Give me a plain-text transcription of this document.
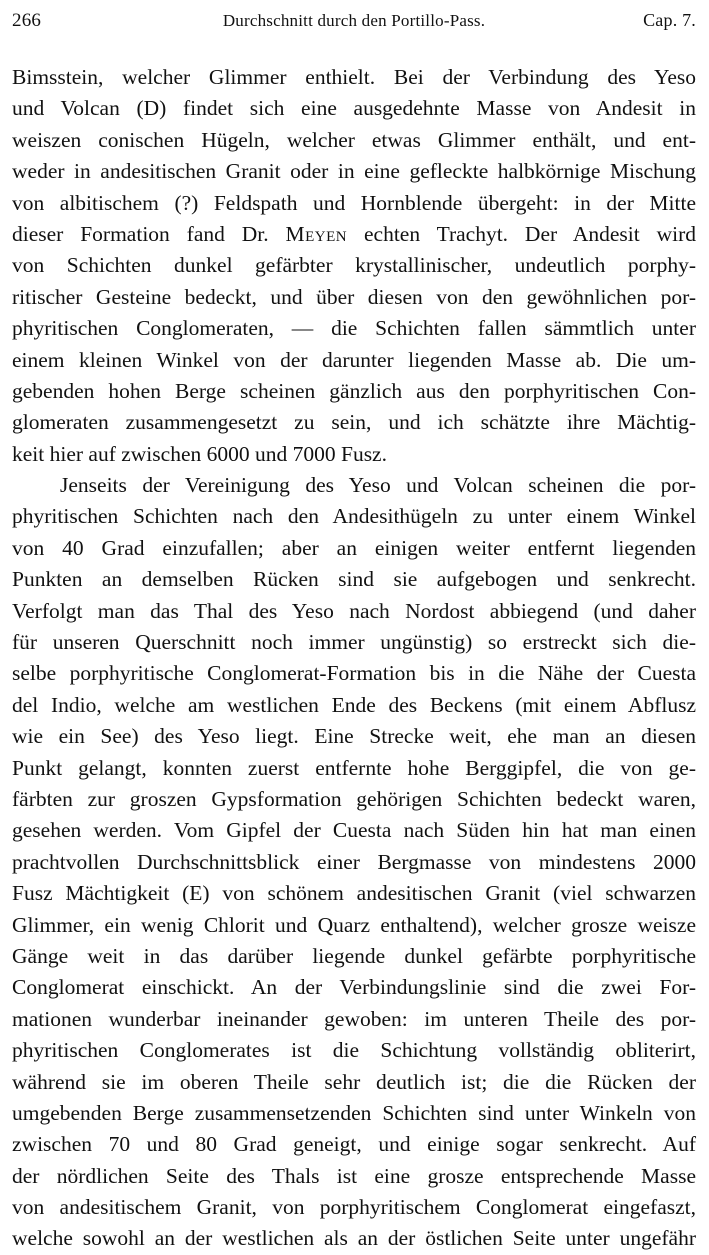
266	Durchschnitt durch den Portillo-Pass.	Cap. 7.
Bimsstein, welcher Glimmer enthielt. Bei der Verbindung des Yeso
und Volcan (D) findet sich eine ausgedehnte Masse von Andesit in
weiszen conischen Hügeln, welcher etwas Glimmer enthält, und ent-
weder in andesitischen Granit oder in eine gefleckte halbkörnige Mischung
von albitischem (?) Feldspath und Hornblende übergeht: in der Mitte
dieser Formation fand Dr. Meyen echten Trachyt. Der Andesit wird
von Schichten dunkel gefärbter krystallinischer, undeutlich porphy-
ritischer Gesteine bedeckt, und über diesen von den gewöhnlichen por-
phyritischen Conglomeraten, — die Schichten fallen sämmtlich unter
einem kleinen Winkel von der darunter liegenden Masse ab. Die um-
gebenden hohen Berge scheinen gänzlich aus den porphyritischen Con-
glomeraten zusammengesetzt zu sein, und ich schätzte ihre Mächtig-
keit hier auf zwischen 6000 und 7000 Fusz.
Jenseits der Vereinigung des Yeso und Volcan scheinen die por-
phyritischen Schichten nach den Andesithügeln zu unter einem Winkel
von 40 Grad einzufallen; aber an einigen weiter entfernt liegenden
Punkten an demselben Rücken sind sie aufgebogen und senkrecht.
Verfolgt man das Thal des Yeso nach Nordost abbiegend (und daher
für unseren Querschnitt noch immer ungünstig) so erstreckt sich die-
selbe porphyritische Conglomerat-Formation bis in die Nähe der Cuesta
del Indio, welche am westlichen Ende des Beckens (mit einem Abflusz
wie ein See) des Yeso liegt. Eine Strecke weit, ehe man an diesen
Punkt gelangt, konnten zuerst entfernte hohe Berggipfel, die von ge-
färbten zur groszen Gypsformation gehörigen Schichten bedeckt waren,
gesehen werden. Vom Gipfel der Cuesta nach Süden hin hat man einen
prachtvollen Durchschnittsblick einer Bergmasse von mindestens 2000
Fusz Mächtigkeit (E) von schönem andesitischen Granit (viel schwarzen
Glimmer, ein wenig Chlorit und Quarz enthaltend), welcher grosze weisze
Gänge weit in das darüber liegende dunkel gefärbte porphyritische
Conglomerat einschickt. An der Verbindungslinie sind die zwei For-
mationen wunderbar ineinander gewoben: im unteren Theile des por-
phyritischen Conglomerates ist die Schichtung vollständig obliterirt,
während sie im oberen Theile sehr deutlich ist; die die Rücken der
umgebenden Berge zusammensetzenden Schichten sind unter Winkeln von
zwischen 70 und 80 Grad geneigt, und einige sogar senkrecht. Auf
der nördlichen Seite des Thals ist eine grosze entsprechende Masse
von andesitischem Granit, von porphyritischem Conglomerat eingefaszt,
welche sowohl an der westlichen als an der östlichen Seite unter ungefähr
